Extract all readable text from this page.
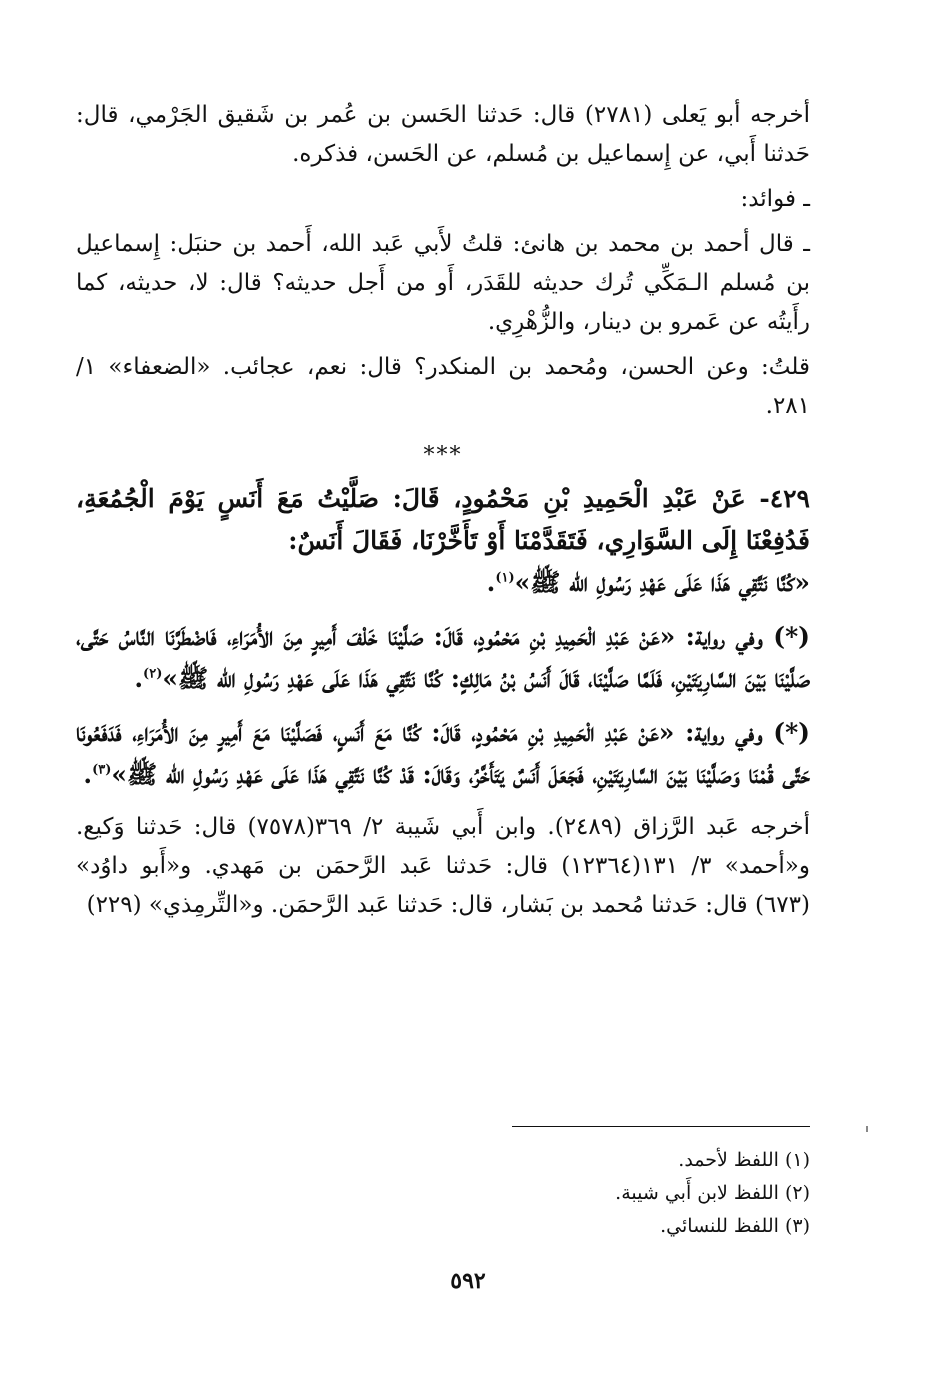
أخرجه أبو يَعلى (٢٧٨١) قال: حَدثنا الحَسن بن عُمر بن شَقيق الجَرْمي، قال: حَدثنا أَبي، عن إِسماعيل بن مُسلم، عن الحَسن، فذكره.

ـ فوائد:

ـ قال أحمد بن محمد بن هانئ: قلتُ لأَبي عَبد الله، أَحمد بن حنبَل: إِسماعيل بن مُسلم الـمَكِّي تُرك حديثه للقَدَر، أَو من أَجل حديثه؟ قال: لا، حديثه، كما رأَيتُه عن عَمرو بن دينار، والزُّهْرِي.

قلتُ: وعن الحسن، ومُحمد بن المنكدر؟ قال: نعم، عجائب. «الضعفاء» ١/ ٢٨١.

***

٤٢٩- عَنْ عَبْدِ الْحَمِيدِ بْنِ مَحْمُودٍ، قَالَ: صَلَّيْتُ مَعَ أَنَسٍ يَوْمَ الْجُمُعَةِ، فَدُفِعْنَا إِلَى السَّوَارِي، فَتَقَدَّمْنَا أَوْ تَأَخَّرْنَا، فَقَالَ أَنَسٌ:
«كُنَّا نَتَّقِي هَذَا عَلَى عَهْدِ رَسُولِ الله ﷺ»$^{(١)}$.

(*) وفي رواية: «عَنْ عَبْدِ الْحَمِيدِ بْنِ مَحْمُودٍ، قَالَ: صَلَّيْنَا خَلْفَ أَمِيرٍ مِنَ الأُمَرَاءِ، فَاضْطَرَّنَا النَّاسُ حَتَّى، صَلَّيْنَا بَيْنَ السَّارِيَتَيْنِ، فَلَمَّا صَلَّيْنَا، قَالَ أَنَسُ بْنُ مَالِكٍ: كُنَّا نَتَّقِي هَذَا عَلَى عَهْدِ رَسُولِ الله ﷺ»$^{(٢)}$.

(*) وفي رواية: «عَنْ عَبْدِ الْحَمِيدِ بْنِ مَحْمُودٍ، قَالَ: كُنَّا مَعَ أَنَسٍ، فَصَلَّيْنَا مَعَ أَمِيرٍ مِنَ الأُمَرَاءِ، فَدَفَعُونَا حَتَّى قُمْنَا وَصَلَّيْنَا بَيْنَ السَّارِيَتَيْنِ، فَجَعَلَ أَنَسٌ يَتَأَخَّرُ، وَقَالَ: قَدْ كُنَّا نَتَّقِي هَذَا عَلَى عَهْدِ رَسُولِ الله ﷺ»$^{(٣)}$.

أخرجه عَبد الرَّزاق (٢٤٨٩). وابن أَبي شَيبة ٢/ ٣٦٩(٧٥٧٨) قال: حَدثنا وَكيع. و«أحمد» ٣/ ١٣١(١٢٣٦٤) قال: حَدثنا عَبد الرَّحمَن بن مَهدي. و«أَبو داوُد» (٦٧٣) قال: حَدثنا مُحمد بن بَشار، قال: حَدثنا عَبد الرَّحمَن. و«التِّرمِذي» (٢٢٩)

(١) اللفظ لأحمد.

(٢) اللفظ لابن أَبي شيبة.

(٣) اللفظ للنسائي.

٥٩٢
